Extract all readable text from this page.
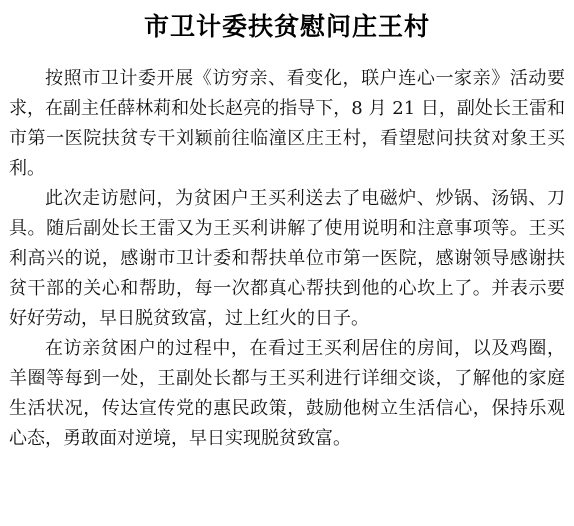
市卫计委扶贫慰问庄王村

按照市卫计委开展《访穷亲、看变化，联户连心一家亲》活动要求，在副主任薛林莉和处长赵亮的指导下，8 月 21 日，副处长王雷和市第一医院扶贫专干刘颖前往临潼区庄王村，看望慰问扶贫对象王买利。

此次走访慰问，为贫困户王买利送去了电磁炉、炒锅、汤锅、刀具。随后副处长王雷又为王买利讲解了使用说明和注意事项等。王买利高兴的说，感谢市卫计委和帮扶单位市第一医院，感谢领导感谢扶贫干部的关心和帮助，每一次都真心帮扶到他的心坎上了。并表示要好好劳动，早日脱贫致富，过上红火的日子。

在访亲贫困户的过程中，在看过王买利居住的房间，以及鸡圈，羊圈等每到一处，王副处长都与王买利进行详细交谈，了解他的家庭生活状况，传达宣传党的惠民政策，鼓励他树立生活信心，保持乐观心态，勇敢面对逆境，早日实现脱贫致富。
